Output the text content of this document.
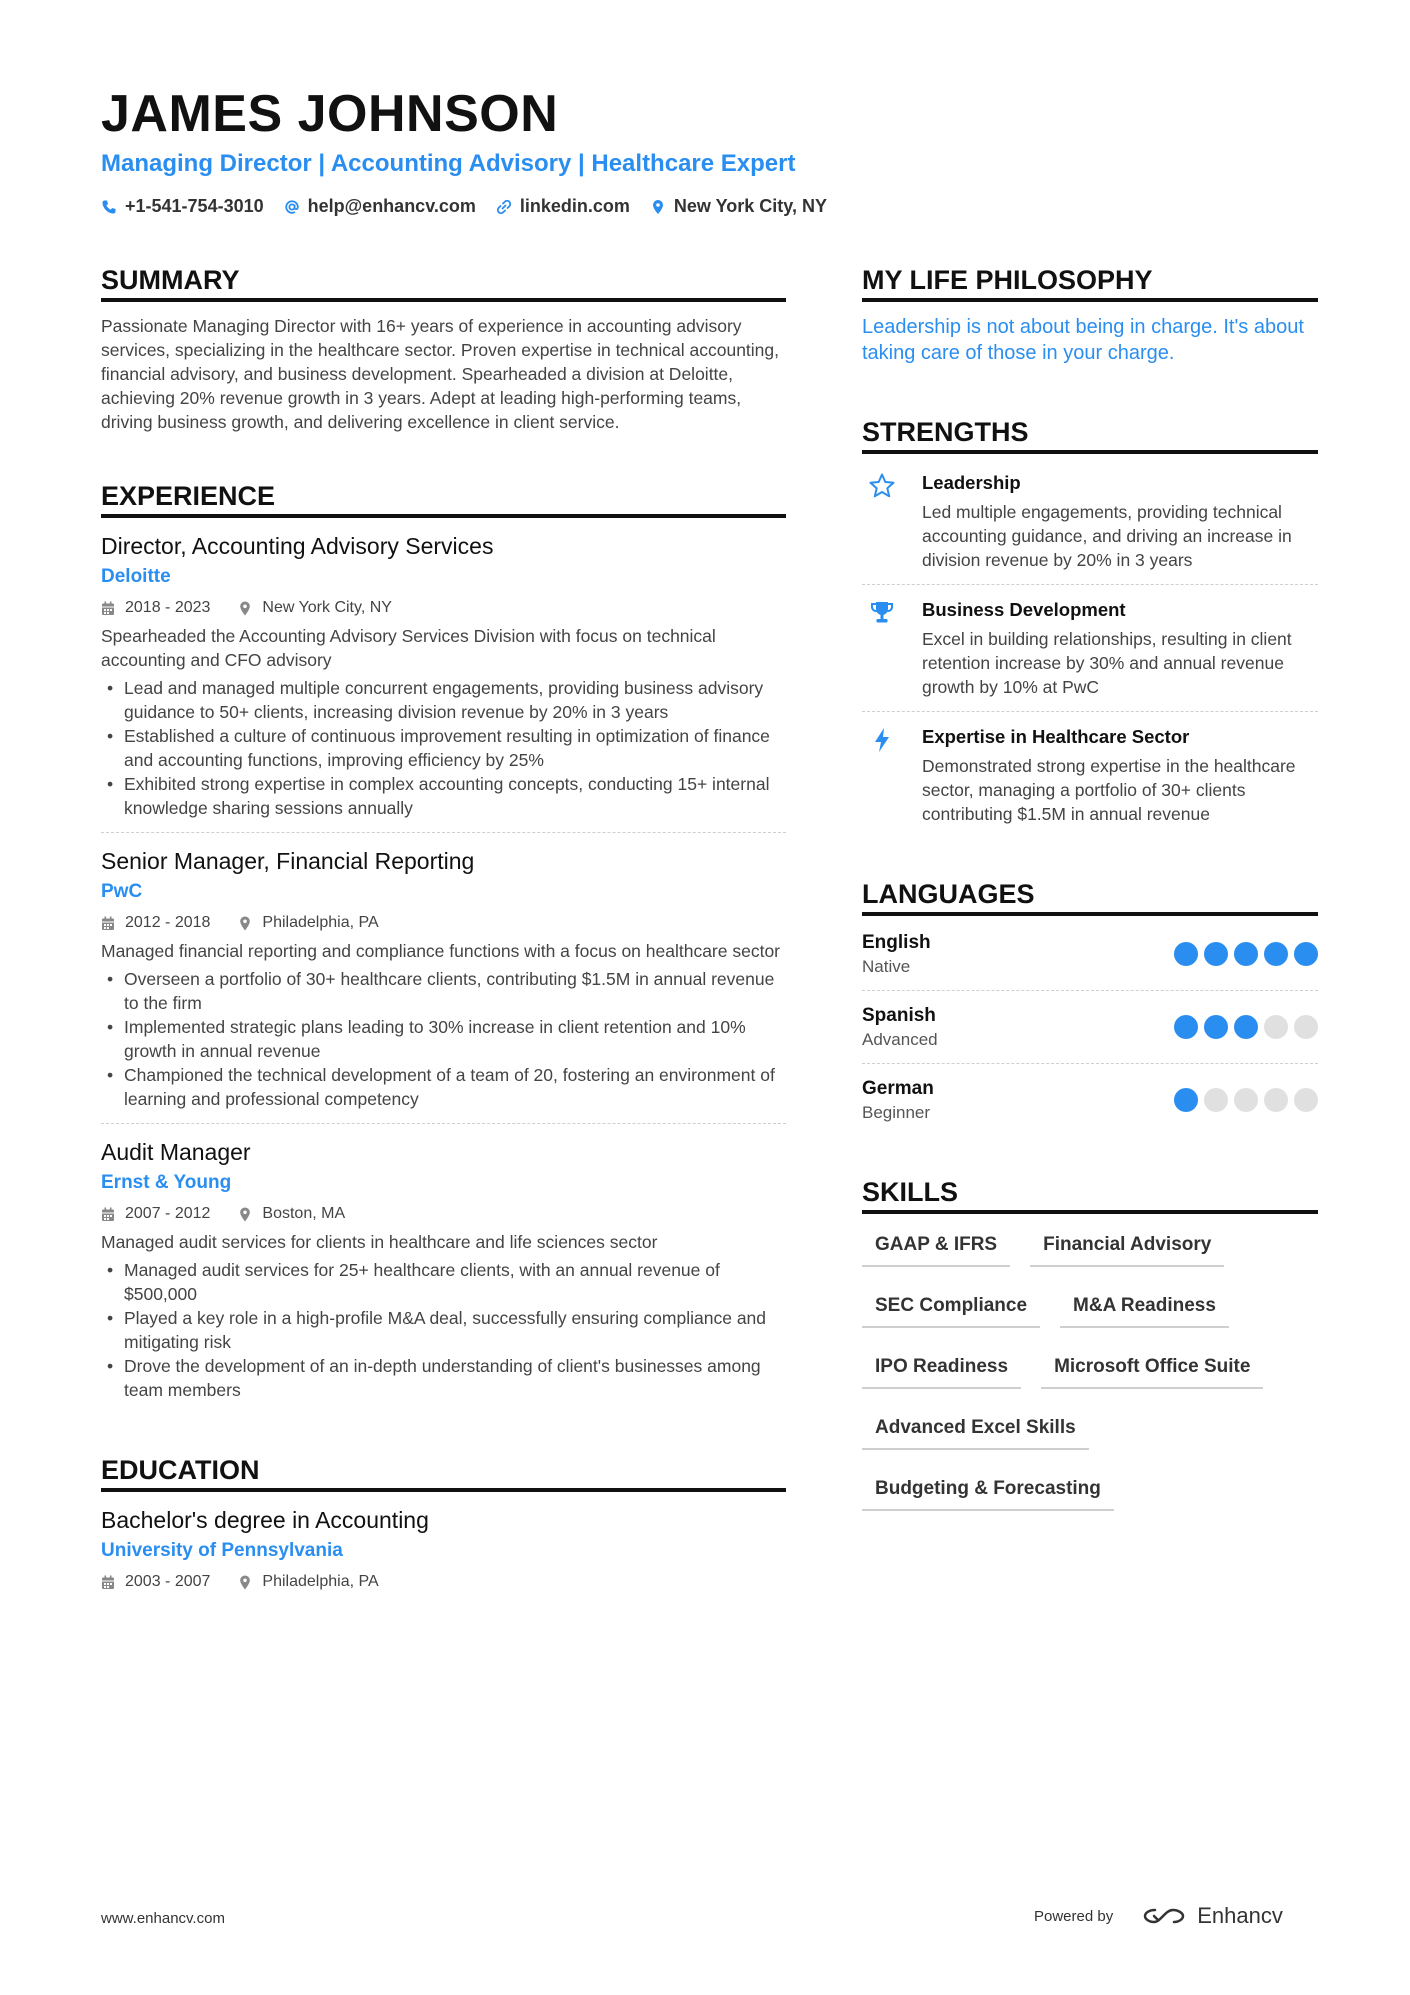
JAMES JOHNSON
Managing Director | Accounting Advisory | Healthcare Expert
+1-541-754-3010 help@enhancv.com linkedin.com New York City, NY
SUMMARY
Passionate Managing Director with 16+ years of experience in accounting advisory services, specializing in the healthcare sector. Proven expertise in technical accounting, financial advisory, and business development. Spearheaded a division at Deloitte, achieving 20% revenue growth in 3 years. Adept at leading high-performing teams, driving business growth, and delivering excellence in client service.
EXPERIENCE
Director, Accounting Advisory Services
Deloitte
2018 - 2023	New York City, NY
Spearheaded the Accounting Advisory Services Division with focus on technical accounting and CFO advisory
• Lead and managed multiple concurrent engagements, providing business advisory guidance to 50+ clients, increasing division revenue by 20% in 3 years
• Established a culture of continuous improvement resulting in optimization of finance and accounting functions, improving efficiency by 25%
• Exhibited strong expertise in complex accounting concepts, conducting 15+ internal knowledge sharing sessions annually
Senior Manager, Financial Reporting
PwC
2012 - 2018	Philadelphia, PA
Managed financial reporting and compliance functions with a focus on healthcare sector
• Overseen a portfolio of 30+ healthcare clients, contributing $1.5M in annual revenue to the firm
• Implemented strategic plans leading to 30% increase in client retention and 10% growth in annual revenue
• Championed the technical development of a team of 20, fostering an environment of learning and professional competency
Audit Manager
Ernst & Young
2007 - 2012	Boston, MA
Managed audit services for clients in healthcare and life sciences sector
• Managed audit services for 25+ healthcare clients, with an annual revenue of $500,000
• Played a key role in a high-profile M&A deal, successfully ensuring compliance and mitigating risk
• Drove the development of an in-depth understanding of client's businesses among team members
EDUCATION
Bachelor's degree in Accounting
University of Pennsylvania
2003 - 2007	Philadelphia, PA
MY LIFE PHILOSOPHY
Leadership is not about being in charge. It's about taking care of those in your charge.
STRENGTHS
Leadership
Led multiple engagements, providing technical accounting guidance, and driving an increase in division revenue by 20% in 3 years
Business Development
Excel in building relationships, resulting in client retention increase by 30% and annual revenue growth by 10% at PwC
Expertise in Healthcare Sector
Demonstrated strong expertise in the healthcare sector, managing a portfolio of 30+ clients contributing $1.5M in annual revenue
LANGUAGES
English
Native
Spanish
Advanced
German
Beginner
SKILLS
GAAP & IFRS	Financial Advisory
SEC Compliance	M&A Readiness
IPO Readiness	Microsoft Office Suite
Advanced Excel Skills
Budgeting & Forecasting
www.enhancv.com	Powered by	Enhancv
